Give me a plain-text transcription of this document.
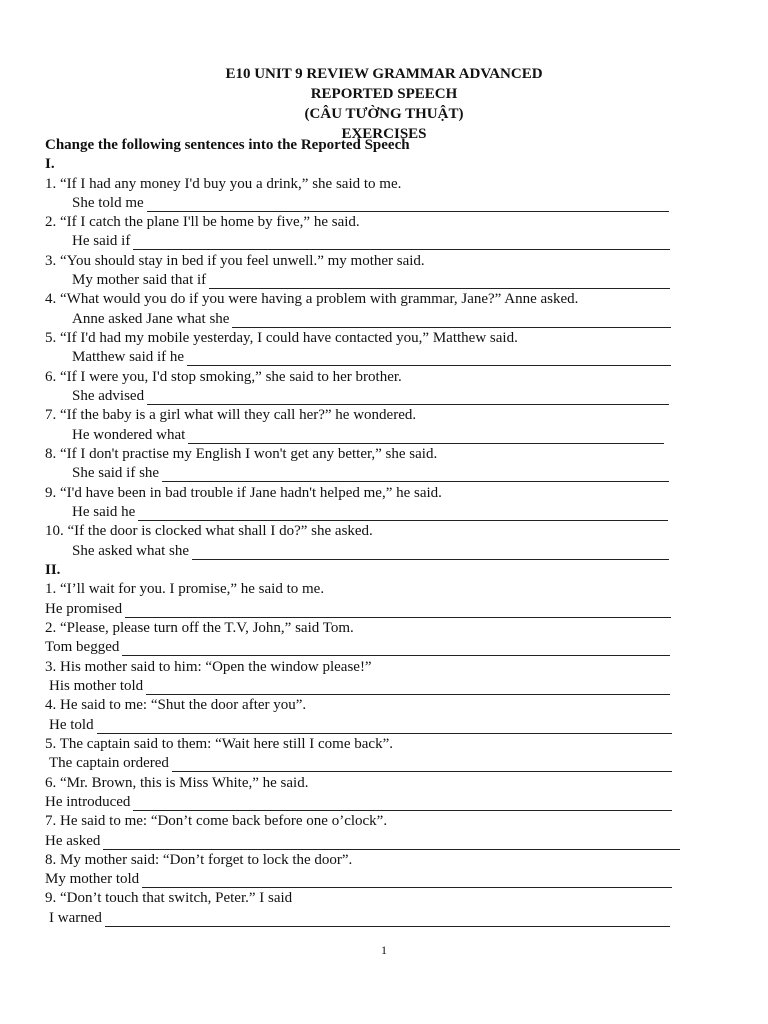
E10 UNIT 9 REVIEW GRAMMAR ADVANCED
REPORTED SPEECH
(CÂU TƯỜNG THUẬT)
EXERCISES
Change the following sentences into the Reported Speech
I.
1. “If I had any money I'd buy you a drink,” she said to me.
She told me
2. “If I catch the plane I'll be home by five,” he said.
He said if
3. “You should stay in bed if you feel unwell.” my mother said.
My mother said that if
4. “What would you do if you were having a problem with grammar, Jane?” Anne asked.
Anne asked Jane what she
5. “If I'd had my mobile yesterday, I could have contacted you,” Matthew said.
Matthew said if he
6. “If I were you, I'd stop smoking,” she said to her brother.
She advised
7. “If the baby is a girl what will they call her?” he wondered.
He wondered what
8. “If I don't practise my English I won't get any better,” she said.
She said if she
9. “I'd have been in bad trouble if Jane hadn't helped me,” he said.
He said he
10. “If the door is clocked what shall I do?” she asked.
She asked what she
II.
1. “I’ll wait for you. I promise,” he said to me.
He promised
2. “Please, please turn off the T.V, John,” said Tom.
Tom begged
3. His mother said to him: “Open the window please!”
His mother told
4. He said to me: “Shut the door after you”.
He told
5. The captain said to them: “Wait here still I come back”.
The captain ordered
6. “Mr. Brown, this is Miss White,” he said.
He introduced
7. He said to me: “Don’t come back before one o’clock”.
He asked
8. My mother said: “Don’t forget to lock the door”.
My mother told
9. “Don’t touch that switch, Peter.” I said
I warned
1
